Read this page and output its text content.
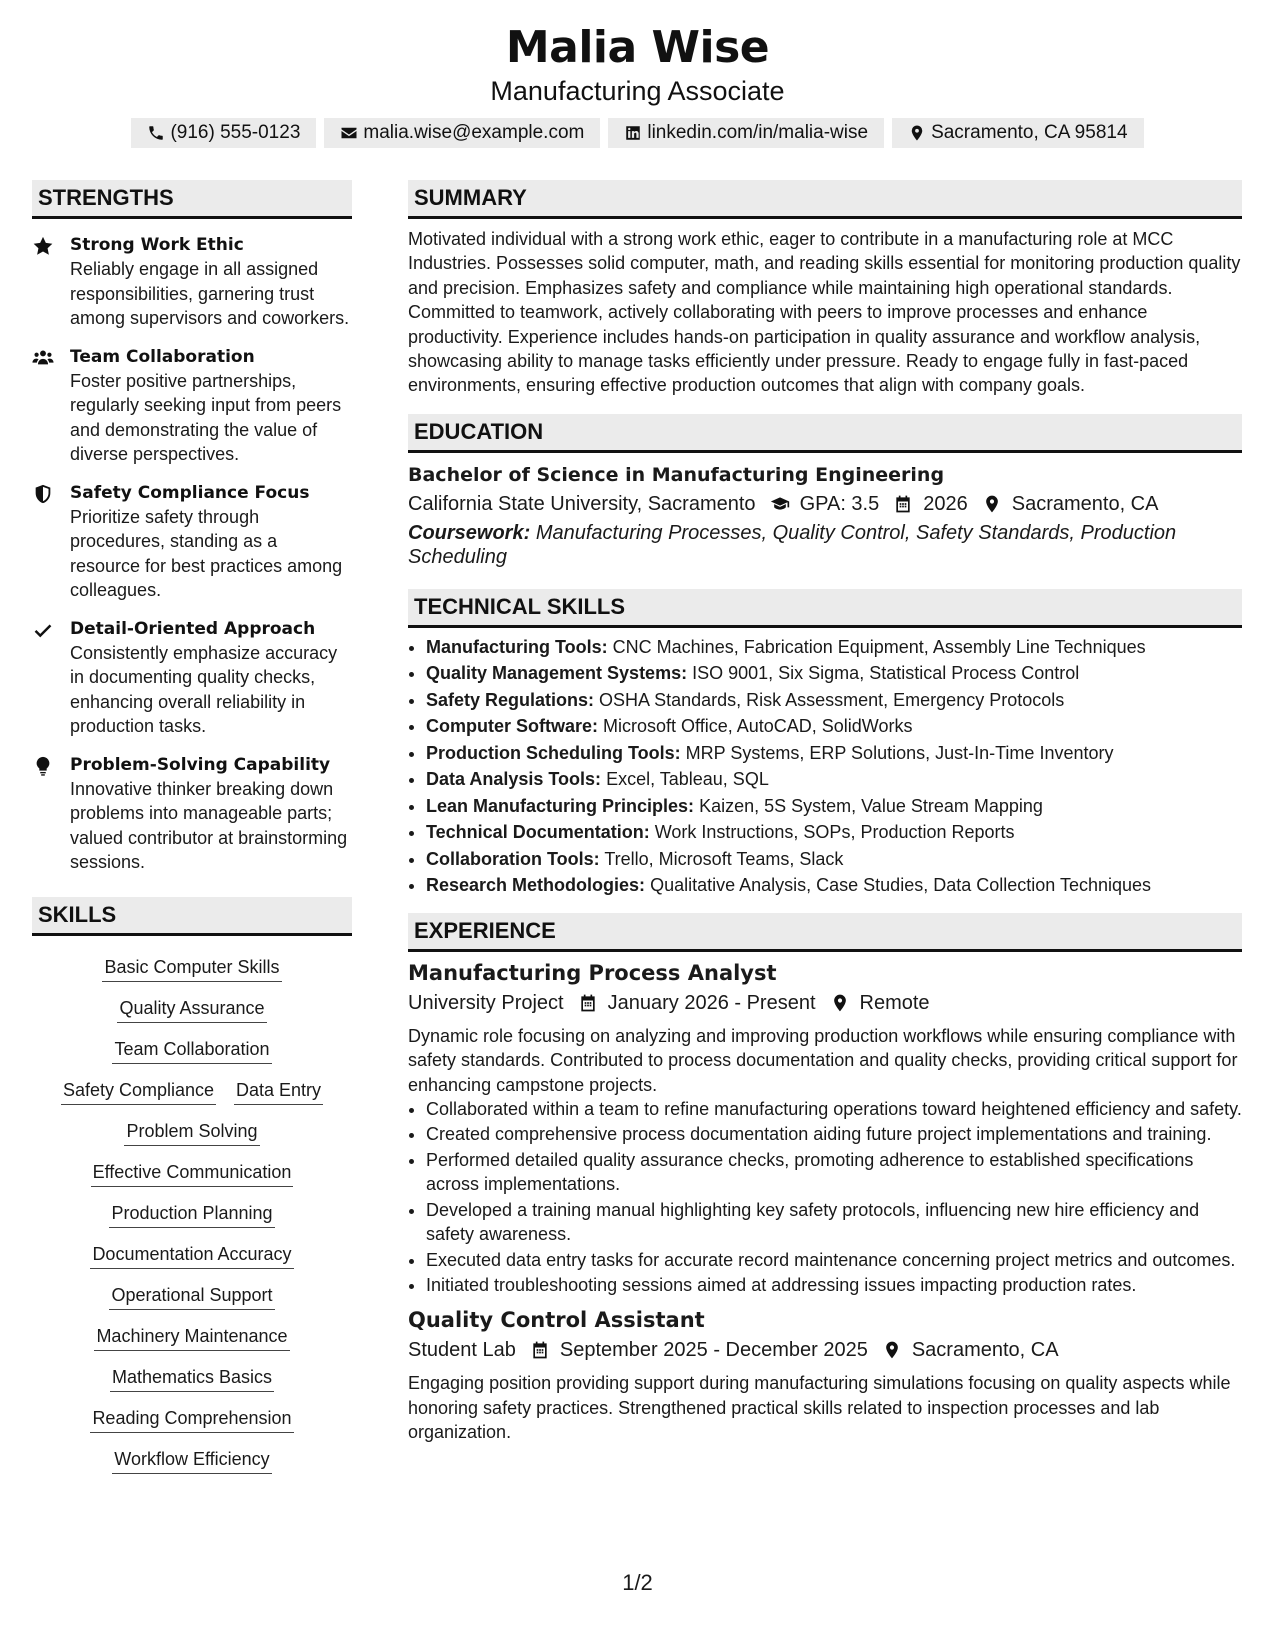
Malia Wise
Manufacturing Associate
(916) 555-0123	malia.wise@example.com	linkedin.com/in/malia-wise	Sacramento, CA 95814
STRENGTHS
Strong Work Ethic
Reliably engage in all assigned responsibilities, garnering trust among supervisors and coworkers.
Team Collaboration
Foster positive partnerships, regularly seeking input from peers and demonstrating the value of diverse perspectives.
Safety Compliance Focus
Prioritize safety through procedures, standing as a resource for best practices among colleagues.
Detail-Oriented Approach
Consistently emphasize accuracy in documenting quality checks, enhancing overall reliability in production tasks.
Problem-Solving Capability
Innovative thinker breaking down problems into manageable parts; valued contributor at brainstorming sessions.
SKILLS
Basic Computer Skills
Quality Assurance
Team Collaboration
Safety Compliance Data Entry
Problem Solving
Effective Communication
Production Planning
Documentation Accuracy
Operational Support
Machinery Maintenance
Mathematics Basics
Reading Comprehension
Workflow Efficiency
SUMMARY
Motivated individual with a strong work ethic, eager to contribute in a manufacturing role at MCC Industries. Possesses solid computer, math, and reading skills essential for monitoring production quality and precision. Emphasizes safety and compliance while maintaining high operational standards. Committed to teamwork, actively collaborating with peers to improve processes and enhance productivity. Experience includes hands-on participation in quality assurance and workflow analysis, showcasing ability to manage tasks efficiently under pressure. Ready to engage fully in fast-paced environments, ensuring effective production outcomes that align with company goals.
EDUCATION
Bachelor of Science in Manufacturing Engineering
California State University, Sacramento GPA: 3.5 2026 Sacramento, CA
Coursework: Manufacturing Processes, Quality Control, Safety Standards, Production Scheduling
TECHNICAL SKILLS
• Manufacturing Tools: CNC Machines, Fabrication Equipment, Assembly Line Techniques
• Quality Management Systems: ISO 9001, Six Sigma, Statistical Process Control
• Safety Regulations: OSHA Standards, Risk Assessment, Emergency Protocols
• Computer Software: Microsoft Office, AutoCAD, SolidWorks
• Production Scheduling Tools: MRP Systems, ERP Solutions, Just-In-Time Inventory
• Data Analysis Tools: Excel, Tableau, SQL
• Lean Manufacturing Principles: Kaizen, 5S System, Value Stream Mapping
• Technical Documentation: Work Instructions, SOPs, Production Reports
• Collaboration Tools: Trello, Microsoft Teams, Slack
• Research Methodologies: Qualitative Analysis, Case Studies, Data Collection Techniques
EXPERIENCE
Manufacturing Process Analyst
University Project January 2026 - Present Remote
Dynamic role focusing on analyzing and improving production workflows while ensuring compliance with safety standards. Contributed to process documentation and quality checks, providing critical support for enhancing campstone projects.
• Collaborated within a team to refine manufacturing operations toward heightened efficiency and safety.
• Created comprehensive process documentation aiding future project implementations and training.
• Performed detailed quality assurance checks, promoting adherence to established specifications across implementations.
• Developed a training manual highlighting key safety protocols, influencing new hire efficiency and safety awareness.
• Executed data entry tasks for accurate record maintenance concerning project metrics and outcomes.
• Initiated troubleshooting sessions aimed at addressing issues impacting production rates.
Quality Control Assistant
Student Lab September 2025 - December 2025 Sacramento, CA
Engaging position providing support during manufacturing simulations focusing on quality aspects while honoring safety practices. Strengthened practical skills related to inspection processes and lab organization.
1/2
